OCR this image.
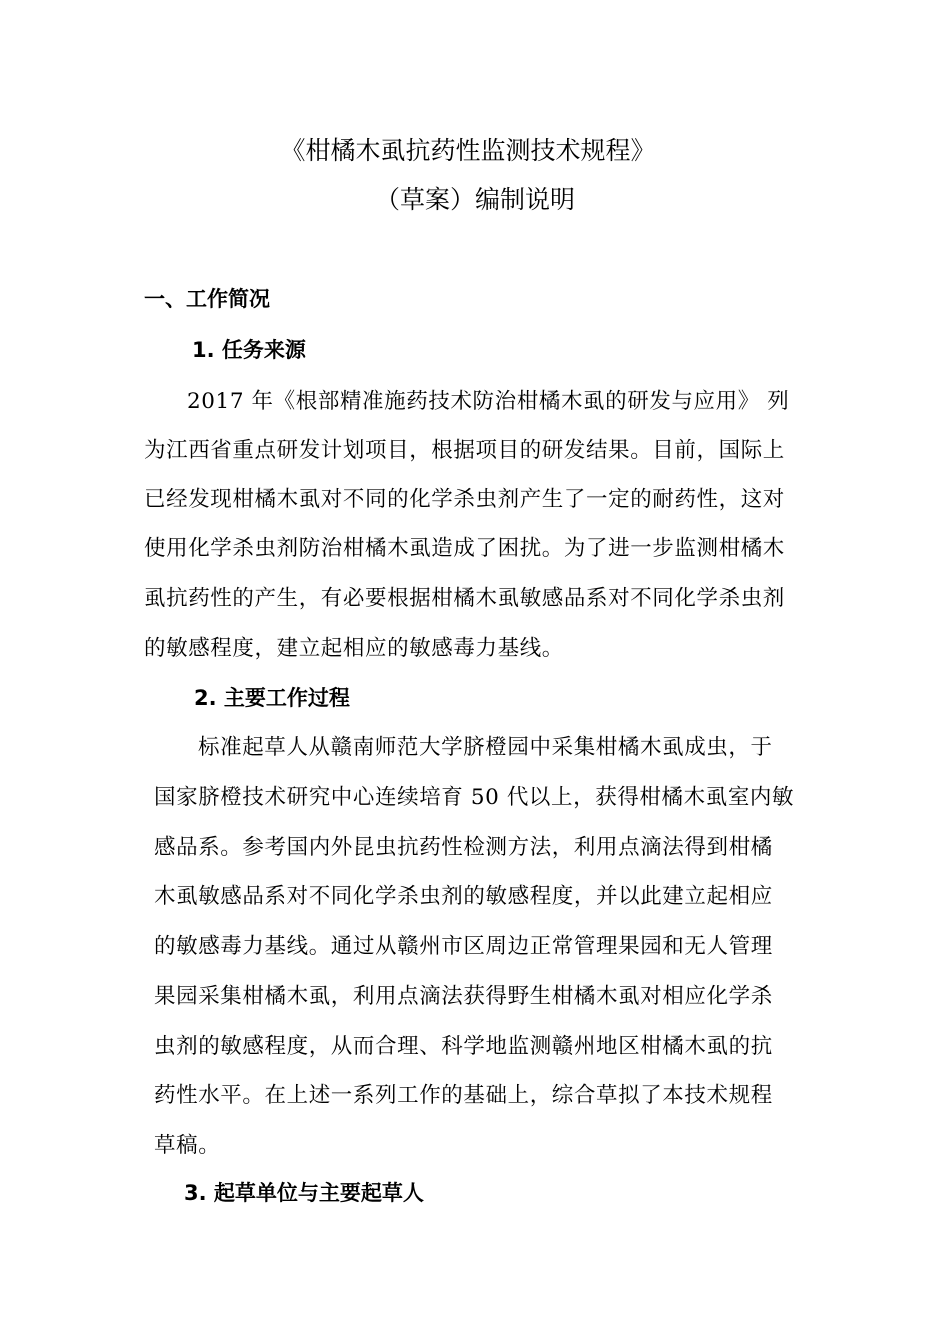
《柑橘木虱抗药性监测技术规程》
（草案）编制说明
一、工作简况
1. 任务来源
2017 年《根部精准施药技术防治柑橘木虱的研发与应用》 列
为江西省重点研发计划项目，根据项目的研发结果。目前，国际上
已经发现柑橘木虱对不同的化学杀虫剂产生了一定的耐药性，这对
使用化学杀虫剂防治柑橘木虱造成了困扰。为了进一步监测柑橘木
虱抗药性的产生，有必要根据柑橘木虱敏感品系对不同化学杀虫剂
的敏感程度，建立起相应的敏感毒力基线。
2. 主要工作过程
标准起草人从赣南师范大学脐橙园中采集柑橘木虱成虫，于
国家脐橙技术研究中心连续培育 50 代以上，获得柑橘木虱室内敏
感品系。参考国内外昆虫抗药性检测方法，利用点滴法得到柑橘
木虱敏感品系对不同化学杀虫剂的敏感程度，并以此建立起相应
的敏感毒力基线。通过从赣州市区周边正常管理果园和无人管理
果园采集柑橘木虱，利用点滴法获得野生柑橘木虱对相应化学杀
虫剂的敏感程度，从而合理、科学地监测赣州地区柑橘木虱的抗
药性水平。在上述一系列工作的基础上，综合草拟了本技术规程
草稿。
3. 起草单位与主要起草人
